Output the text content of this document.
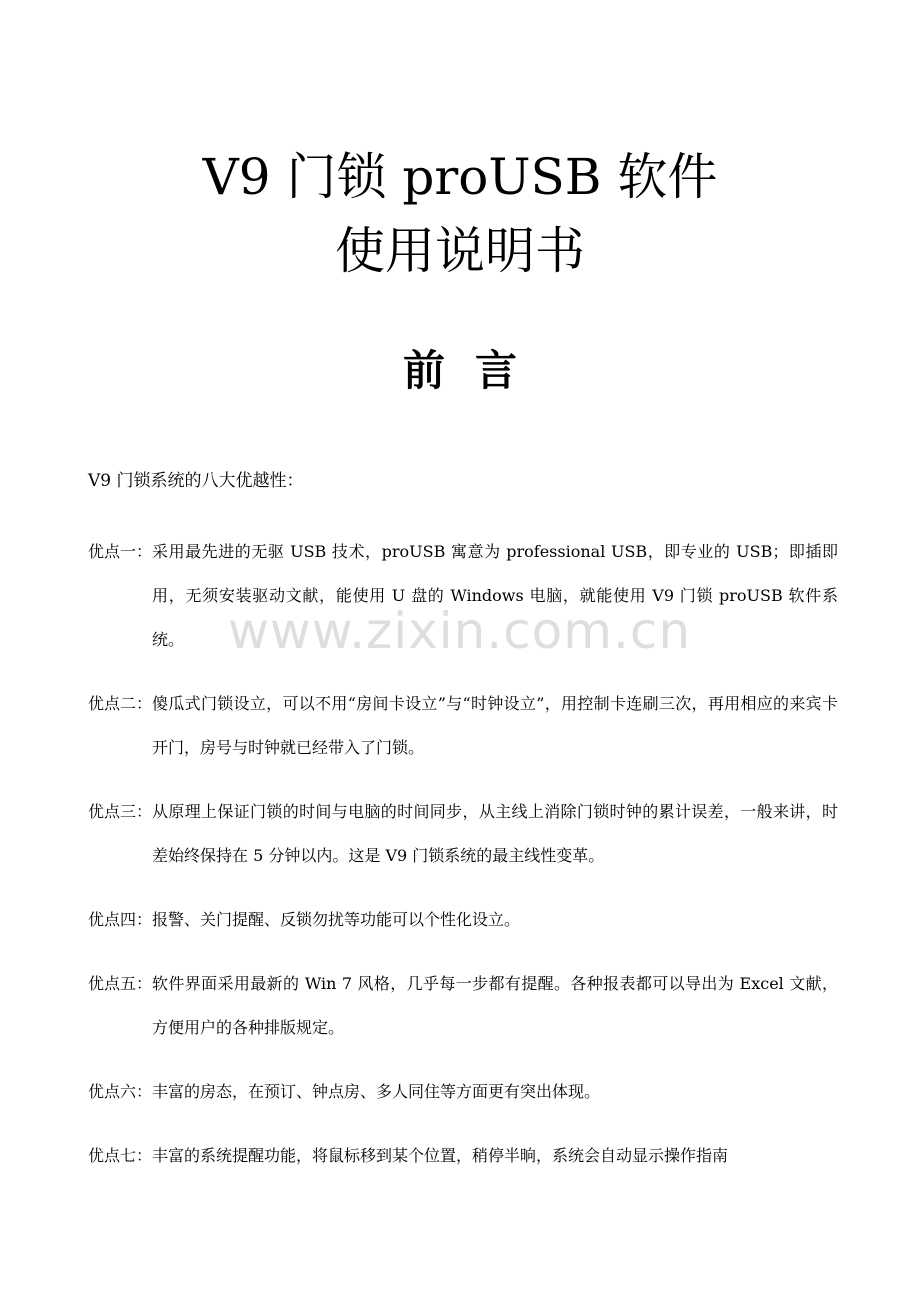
V9 门锁 proUSB 软件
使用说明书
前言

V9 门锁系统的八大优越性：

优点一： 采用最先进的无驱 USB 技术，proUSB 寓意为 professional USB，即专业的 USB；即插即用，无须安装驱动文献，能使用 U 盘的 Windows 电脑，就能使用 V9 门锁 proUSB 软件系统。
优点二： 傻瓜式门锁设立，可以不用“房间卡设立”与“时钟设立”，用控制卡连刷三次，再用相应的来宾卡开门，房号与时钟就已经带入了门锁。
优点三： 从原理上保证门锁的时间与电脑的时间同步，从主线上消除门锁时钟的累计误差，一般来讲，时差始终保持在 5 分钟以内。这是 V9 门锁系统的最主线性变革。
优点四： 报警、关门提醒、反锁勿扰等功能可以个性化设立。
优点五： 软件界面采用最新的 Win 7 风格，几乎每一步都有提醒。各种报表都可以导出为 Excel 文献，方便用户的各种排版规定。
优点六： 丰富的房态，在预订、钟点房、多人同住等方面更有突出体现。
优点七： 丰富的系统提醒功能，将鼠标移到某个位置，稍停半晌，系统会自动显示操作指南
www.zixin.com.cn
